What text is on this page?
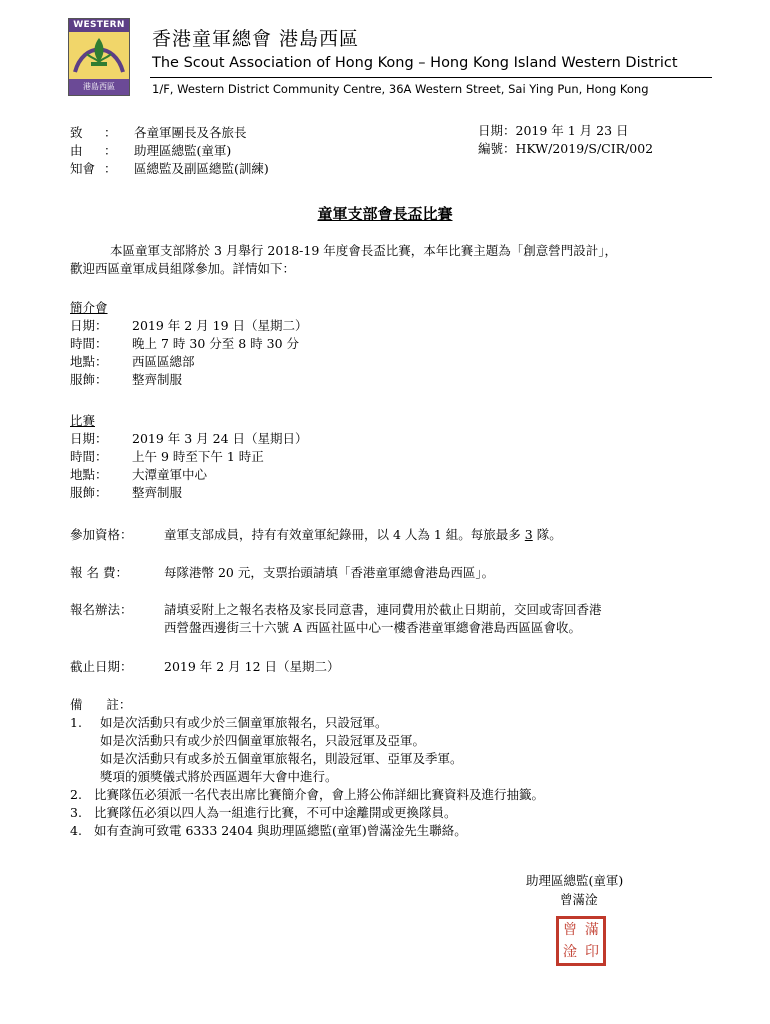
WESTERN
港島西區
香港童軍總會 港島西區
The Scout Association of Hong Kong – Hong Kong Island Western District
1/F, Western District Community Centre, 36A Western Street, Sai Ying Pun, Hong Kong
致 ： 各童軍團長及各旅長
由 ： 助理區總監(童軍)
知會 ： 區總監及副區總監(訓練)
日期：2019 年 1 月 23 日
編號：HKW/2019/S/CIR/002
童軍支部會長盃比賽
本區童軍支部將於 3 月舉行 2018-19 年度會長盃比賽，本年比賽主題為「創意營門設計」，
歡迎西區童軍成員組隊參加。詳情如下：
簡介會
日期： 2019 年 2 月 19 日（星期二）
時間： 晚上 7 時 30 分至 8 時 30 分
地點： 西區區總部
服飾： 整齊制服
比賽
日期： 2019 年 3 月 24 日（星期日）
時間： 上午 9 時至下午 1 時正
地點： 大潭童軍中心
服飾： 整齊制服
參加資格：	童軍支部成員，持有有效童軍紀錄冊，以 4 人為 1 組。每旅最多 3 隊。
報 名 費：	每隊港幣 20 元，支票抬頭請填「香港童軍總會港島西區」。
報名辦法：	請填妥附上之報名表格及家長同意書，連同費用於截止日期前，交回或寄回香港
西營盤西邊街三十六號 A 西區社區中心一樓香港童軍總會港島西區區會收。
截止日期：	2019 年 2 月 12 日（星期二）
備      註：
1. 如是次活動只有或少於三個童軍旅報名，只設冠軍。
如是次活動只有或少於四個童軍旅報名，只設冠軍及亞軍。
如是次活動只有或多於五個童軍旅報名，則設冠軍、亞軍及季軍。
獎項的頒獎儀式將於西區週年大會中進行。
2. 比賽隊伍必須派一名代表出席比賽簡介會，會上將公佈詳細比賽資料及進行抽籤。
3. 比賽隊伍必須以四人為一組進行比賽，不可中途離開或更換隊員。
4. 如有查詢可致電 6333 2404 與助理區總監(童軍)曾滿淦先生聯絡。
助理區總監(童軍)
曾滿淦
曾 滿
淦 印
